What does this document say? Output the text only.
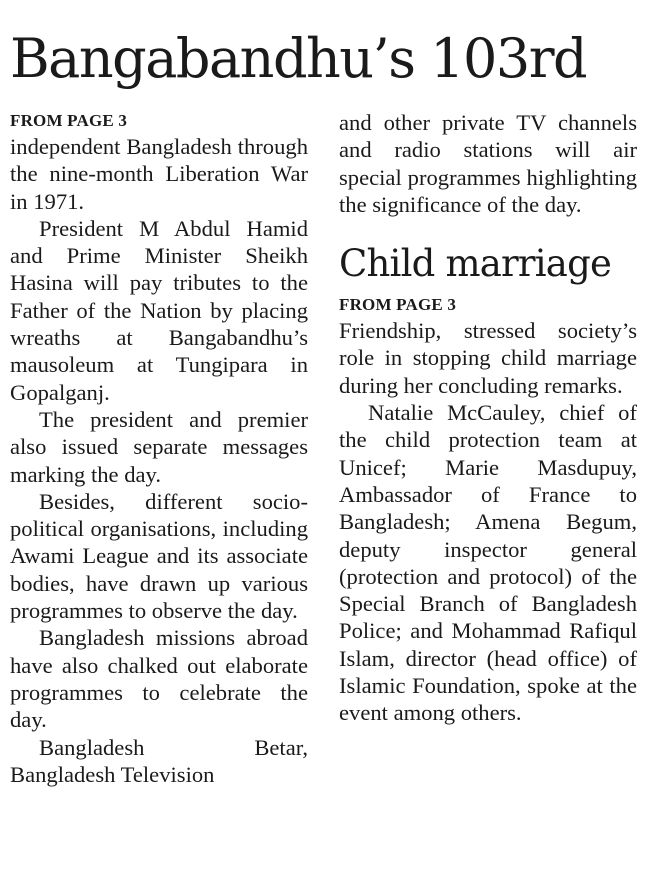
Bangabandhu’s 103rd

FROM PAGE 3

independent Bangladesh through the nine-month Liberation War in 1971.

President M Abdul Hamid and Prime Minister Sheikh Hasina will pay tributes to the Father of the Nation by placing wreaths at Bangabandhu’s mausoleum at Tungipara in Gopalganj.

The president and premier also issued separate messages marking the day.

Besides, different socio-political organisations, including Awami League and its associate bodies, have drawn up various programmes to observe the day.

Bangladesh missions abroad have also chalked out elaborate programmes to celebrate the day.

Bangladesh Betar, Bangladesh Television

and other private TV channels and radio stations will air special programmes highlighting the significance of the day.

Child marriage

FROM PAGE 3

Friendship, stressed society’s role in stopping child marriage during her concluding remarks.

Natalie McCauley, chief of the child protection team at Unicef; Marie Masdupuy, Ambassador of France to Bangladesh; Amena Begum, deputy inspector general (protection and protocol) of the Special Branch of Bangladesh Police; and Mohammad Rafiqul Islam, director (head office) of Islamic Foundation, spoke at the event among others.
